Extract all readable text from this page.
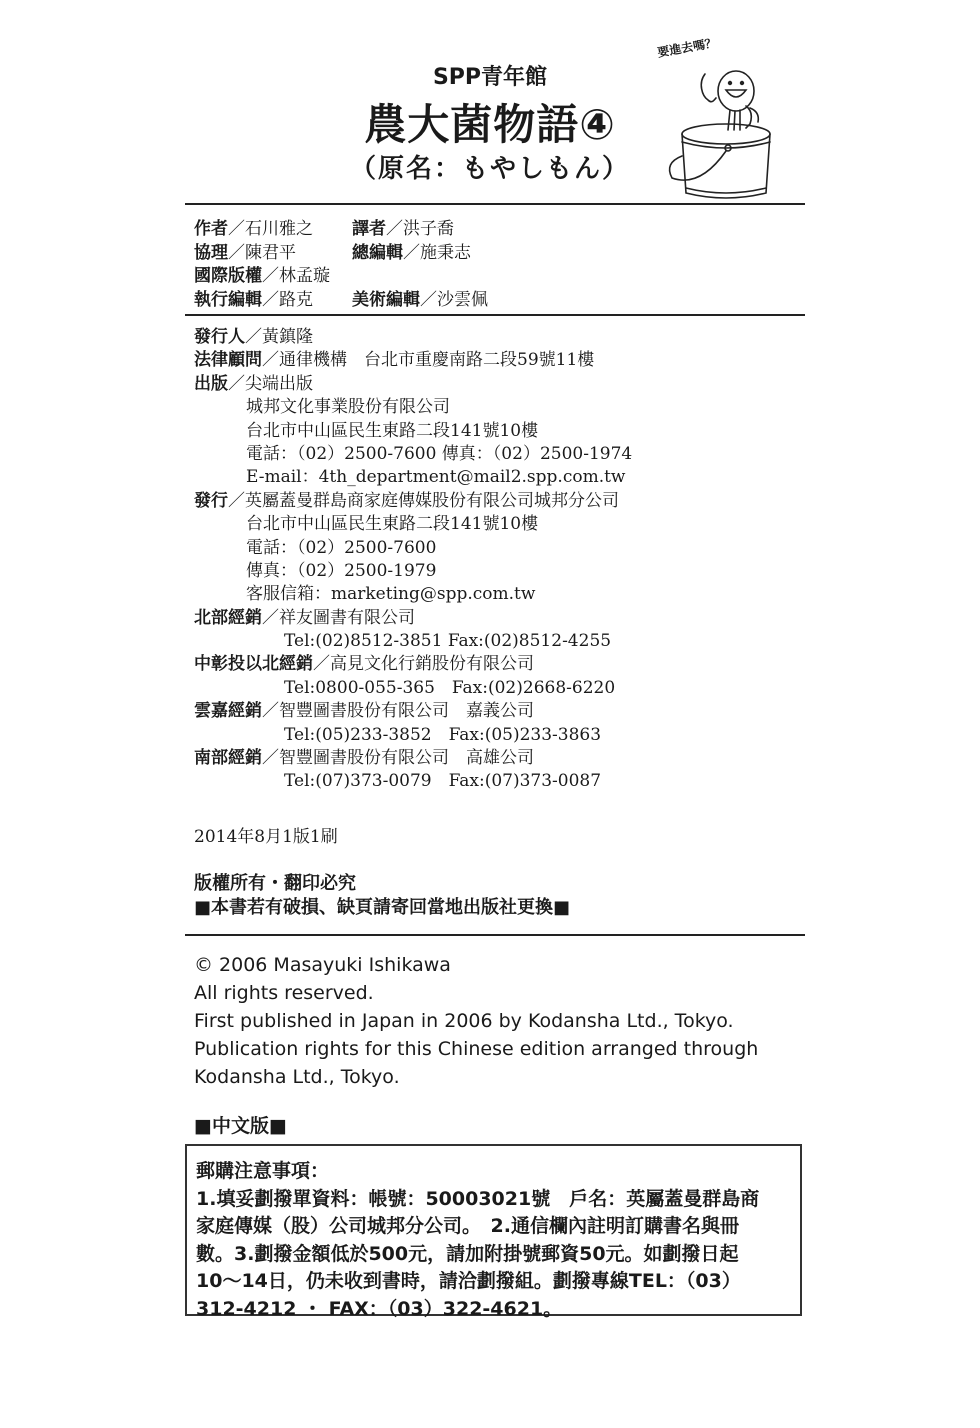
SPP青年館
農大菌物語④
（原名：もやしもん）
要進去嗎？
作者／石川雅之 譯者／洪子喬
協理／陳君平	總編輯／施秉志
國際版權／林孟璇
執行編輯／路克 美術編輯／沙雲佩
發行人／黃鎮隆
法律顧問／通律機構　台北市重慶南路二段59號11樓
出版／尖端出版
城邦文化事業股份有限公司
台北市中山區民生東路二段141號10樓
電話：（02）2500-7600 傳真：（02）2500-1974
E-mail：4th_department@mail2.spp.com.tw
發行／英屬蓋曼群島商家庭傳媒股份有限公司城邦分公司
台北市中山區民生東路二段141號10樓
電話：（02）2500-7600
傳真：（02）2500-1979
客服信箱：marketing@spp.com.tw
北部經銷／祥友圖書有限公司
Tel:(02)8512-3851 Fax:(02)8512-4255
中彰投以北經銷／高見文化行銷股份有限公司
Tel:0800-055-365　Fax:(02)2668-6220
雲嘉經銷／智豐圖書股份有限公司　嘉義公司
Tel:(05)233-3852　Fax:(05)233-3863
南部經銷／智豐圖書股份有限公司　高雄公司
Tel:(07)373-0079　Fax:(07)373-0087
2014年8月1版1刷
版權所有・翻印必究
■本書若有破損、缺頁請寄回當地出版社更換■
© 2006 Masayuki Ishikawa
All rights reserved.
First published in Japan in 2006 by Kodansha Ltd., Tokyo.
Publication rights for this Chinese edition arranged through
Kodansha Ltd., Tokyo.
■中文版■
郵購注意事項：
1.填妥劃撥單資料：帳號：50003021號　戶名：英屬蓋曼群島商
家庭傳媒（股）公司城邦分公司。　2.通信欄內註明訂購書名與冊
數。3.劃撥金額低於500元，請加附掛號郵資50元。如劃撥日起
10～14日，仍未收到書時，請洽劃撥組。劃撥專線TEL：（03）
312-4212 ・ FAX：（03）322-4621。
